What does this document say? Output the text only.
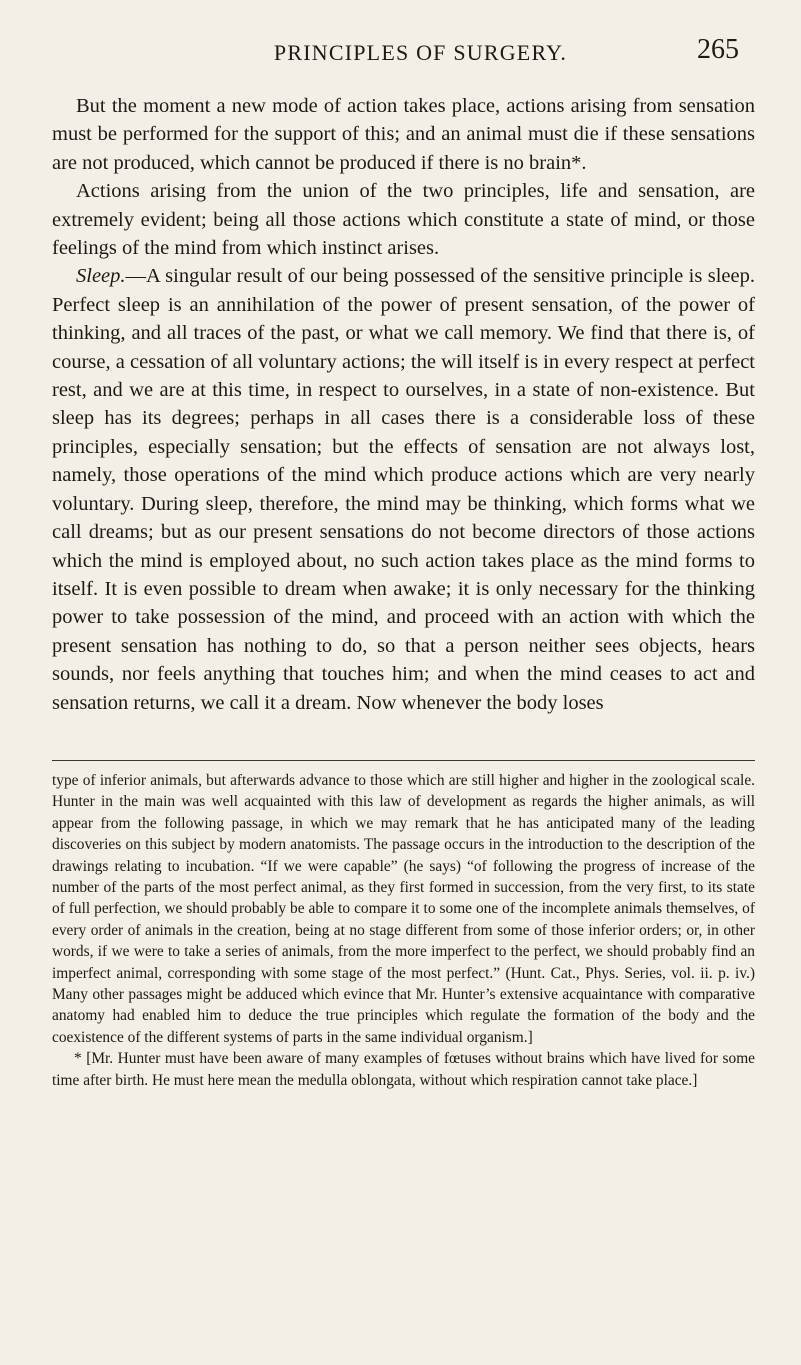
PRINCIPLES OF SURGERY.	265

But the moment a new mode of action takes place, actions arising from sensation must be performed for the support of this; and an animal must die if these sensations are not produced, which cannot be produced if there is no brain*.

Actions arising from the union of the two principles, life and sensation, are extremely evident; being all those actions which constitute a state of mind, or those feelings of the mind from which instinct arises.

Sleep.—A singular result of our being possessed of the sensitive principle is sleep. Perfect sleep is an annihilation of the power of present sensation, of the power of thinking, and all traces of the past, or what we call memory. We find that there is, of course, a cessation of all voluntary actions; the will itself is in every respect at perfect rest, and we are at this time, in respect to ourselves, in a state of non-existence. But sleep has its degrees; perhaps in all cases there is a considerable loss of these principles, especially sensation; but the effects of sensation are not always lost, namely, those operations of the mind which produce actions which are very nearly voluntary. During sleep, therefore, the mind may be thinking, which forms what we call dreams; but as our present sensations do not become directors of those actions which the mind is employed about, no such action takes place as the mind forms to itself. It is even possible to dream when awake; it is only necessary for the thinking power to take possession of the mind, and proceed with an action with which the present sensation has nothing to do, so that a person neither sees objects, hears sounds, nor feels anything that touches him; and when the mind ceases to act and sensation returns, we call it a dream. Now whenever the body loses

type of inferior animals, but afterwards advance to those which are still higher and higher in the zoological scale. Hunter in the main was well acquainted with this law of development as regards the higher animals, as will appear from the following passage, in which we may remark that he has anticipated many of the leading discoveries on this subject by modern anatomists. The passage occurs in the introduction to the description of the drawings relating to incubation. “If we were capable” (he says) “of following the progress of increase of the number of the parts of the most perfect animal, as they first formed in succession, from the very first, to its state of full perfection, we should probably be able to compare it to some one of the incomplete animals themselves, of every order of animals in the creation, being at no stage different from some of those inferior orders; or, in other words, if we were to take a series of animals, from the more imperfect to the perfect, we should probably find an imperfect animal, corresponding with some stage of the most perfect.” (Hunt. Cat., Phys. Series, vol. ii. p. iv.) Many other passages might be adduced which evince that Mr. Hunter’s extensive acquaintance with comparative anatomy had enabled him to deduce the true principles which regulate the formation of the body and the coexistence of the different systems of parts in the same individual organism.]

* [Mr. Hunter must have been aware of many examples of fœtuses without brains which have lived for some time after birth. He must here mean the medulla oblongata, without which respiration cannot take place.]
